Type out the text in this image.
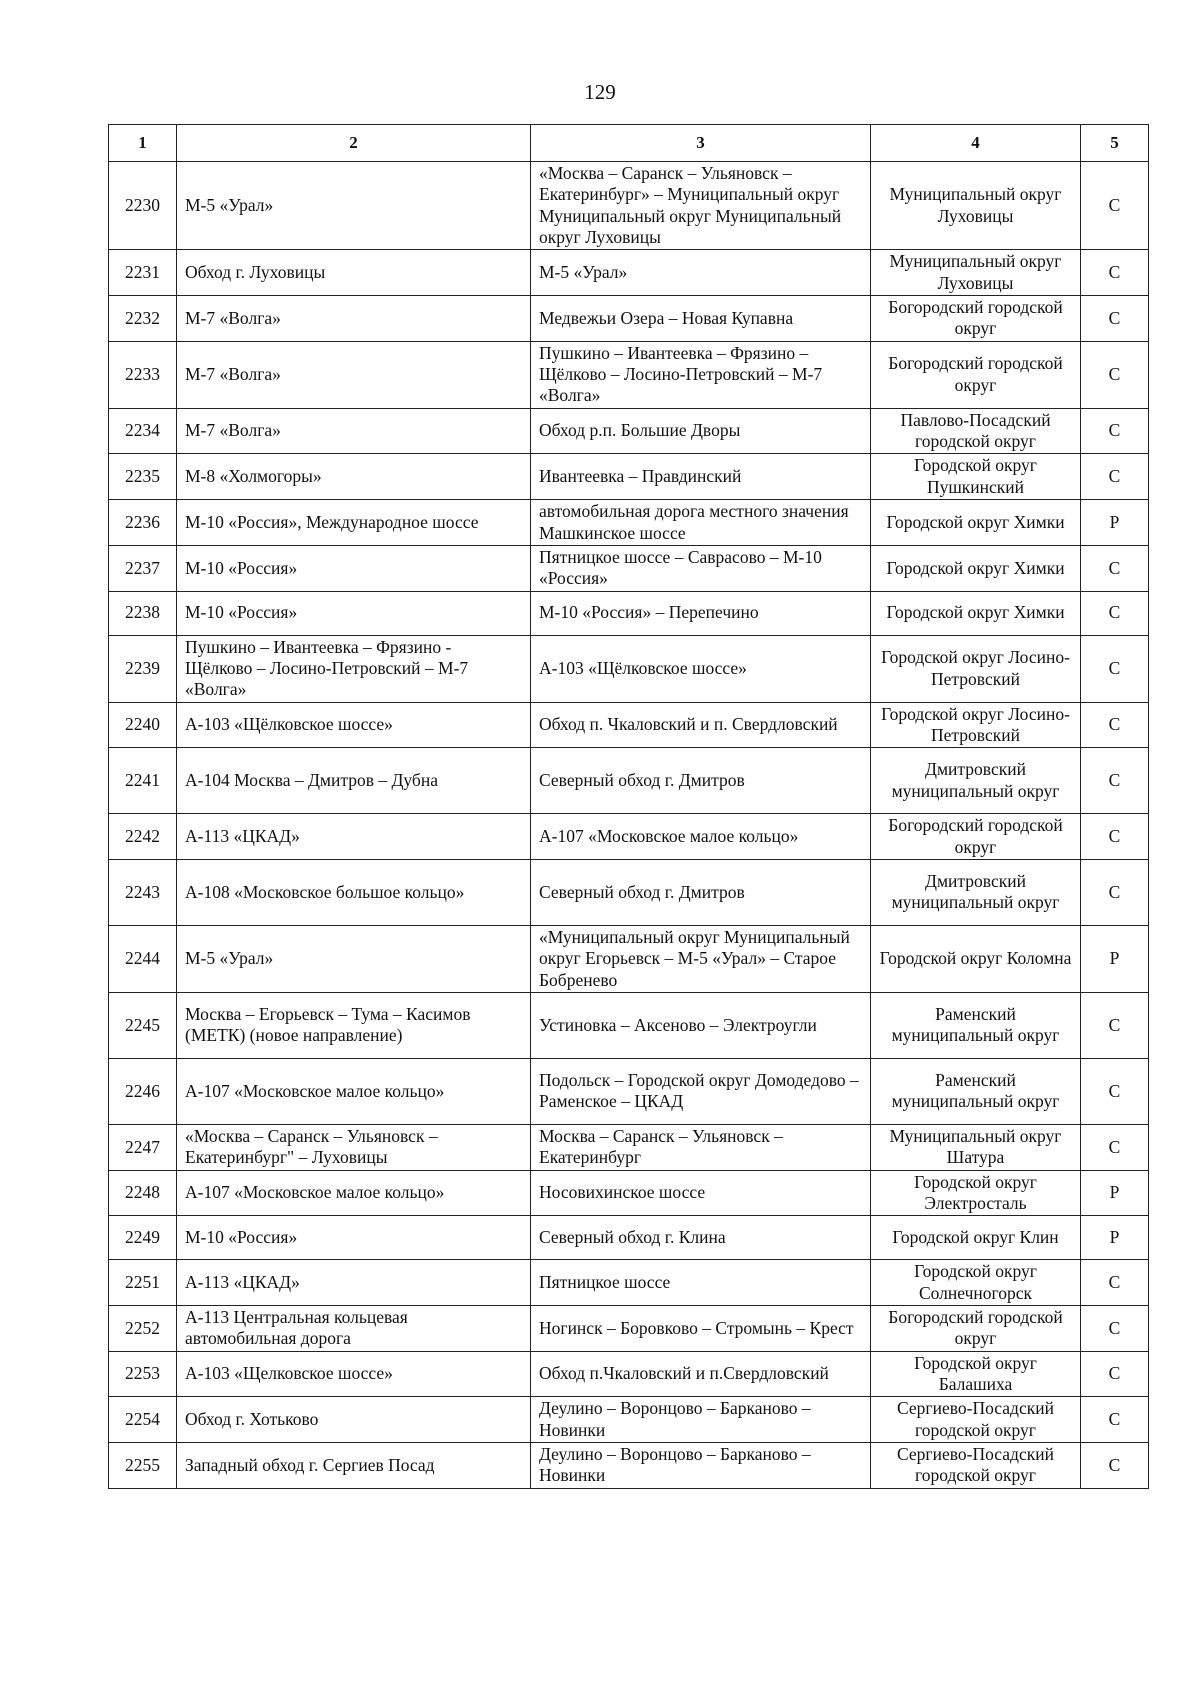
129
1	2	3	4	5
2230	М-5 «Урал»	«Москва – Саранск – Ульяновск – Екатеринбург» – Муниципальный округ Муниципальный округ Муниципальный округ Луховицы	Муниципальный округ Луховицы	С
2231	Обход г. Луховицы	М-5 «Урал»	Муниципальный округ Луховицы	С
2232	М-7 «Волга»	Медвежьи Озера – Новая Купавна	Богородский городской округ	С
2233	М-7 «Волга»	Пушкино – Ивантеевка – Фрязино – Щёлково – Лосино-Петровский – М-7 «Волга»	Богородский городской округ	С
2234	М-7 «Волга»	Обход р.п. Большие Дворы	Павлово-Посадский городской округ	С
2235	М-8 «Холмогоры»	Ивантеевка – Правдинский	Городской округ Пушкинский	С
2236	М-10 «Россия», Международное шоссе	автомобильная дорога местного значения Машкинское шоссе	Городской округ Химки	Р
2237	М-10 «Россия»	Пятницкое шоссе – Саврасово – М-10 «Россия»	Городской округ Химки	С
2238	М-10 «Россия»	М-10 «Россия» – Перепечино	Городской округ Химки	С
2239	Пушкино – Ивантеевка – Фрязино - Щёлково – Лосино-Петровский – М-7 «Волга»	А-103 «Щёлковское шоссе»	Городской округ Лосино-Петровский	С
2240	А-103 «Щёлковское шоссе»	Обход п. Чкаловский и п. Свердловский	Городской округ Лосино-Петровский	С
2241	А-104 Москва – Дмитров – Дубна	Северный обход г. Дмитров	Дмитровский муниципальный округ	С
2242	А-113 «ЦКАД»	А-107 «Московское малое кольцо»	Богородский городской округ	С
2243	А-108 «Московское большое кольцо»	Северный обход г. Дмитров	Дмитровский муниципальный округ	С
2244	М-5 «Урал»	«Муниципальный округ Муниципальный округ Егорьевск – М-5 «Урал» – Старое Бобренево	Городской округ Коломна	Р
2245	Москва – Егорьевск – Тума – Касимов (МЕТК) (новое направление)	Устиновка – Аксеново – Электроугли	Раменский муниципальный округ	С
2246	А-107 «Московское малое кольцо»	Подольск – Городской округ Домодедово – Раменское – ЦКАД	Раменский муниципальный округ	С
2247	«Москва – Саранск – Ульяновск – Екатеринбург" – Луховицы	Москва – Саранск – Ульяновск – Екатеринбург	Муниципальный округ Шатура	С
2248	А-107 «Московское малое кольцо»	Носовихинское шоссе	Городской округ Электросталь	Р
2249	М-10 «Россия»	Северный обход г. Клина	Городской округ Клин	Р
2251	А-113 «ЦКАД»	Пятницкое шоссе	Городской округ Солнечногорск	С
2252	А-113 Центральная кольцевая автомобильная дорога	Ногинск – Боровково – Стромынь – Крест	Богородский городской округ	С
2253	А-103 «Щелковское шоссе»	Обход п.Чкаловский и п.Свердловский	Городской округ Балашиха	С
2254	Обход г. Хотьково	Деулино – Воронцово – Барканово – Новинки	Сергиево-Посадский городской округ	С
2255	Западный обход г. Сергиев Посад	Деулино – Воронцово – Барканово – Новинки	Сергиево-Посадский городской округ	С
